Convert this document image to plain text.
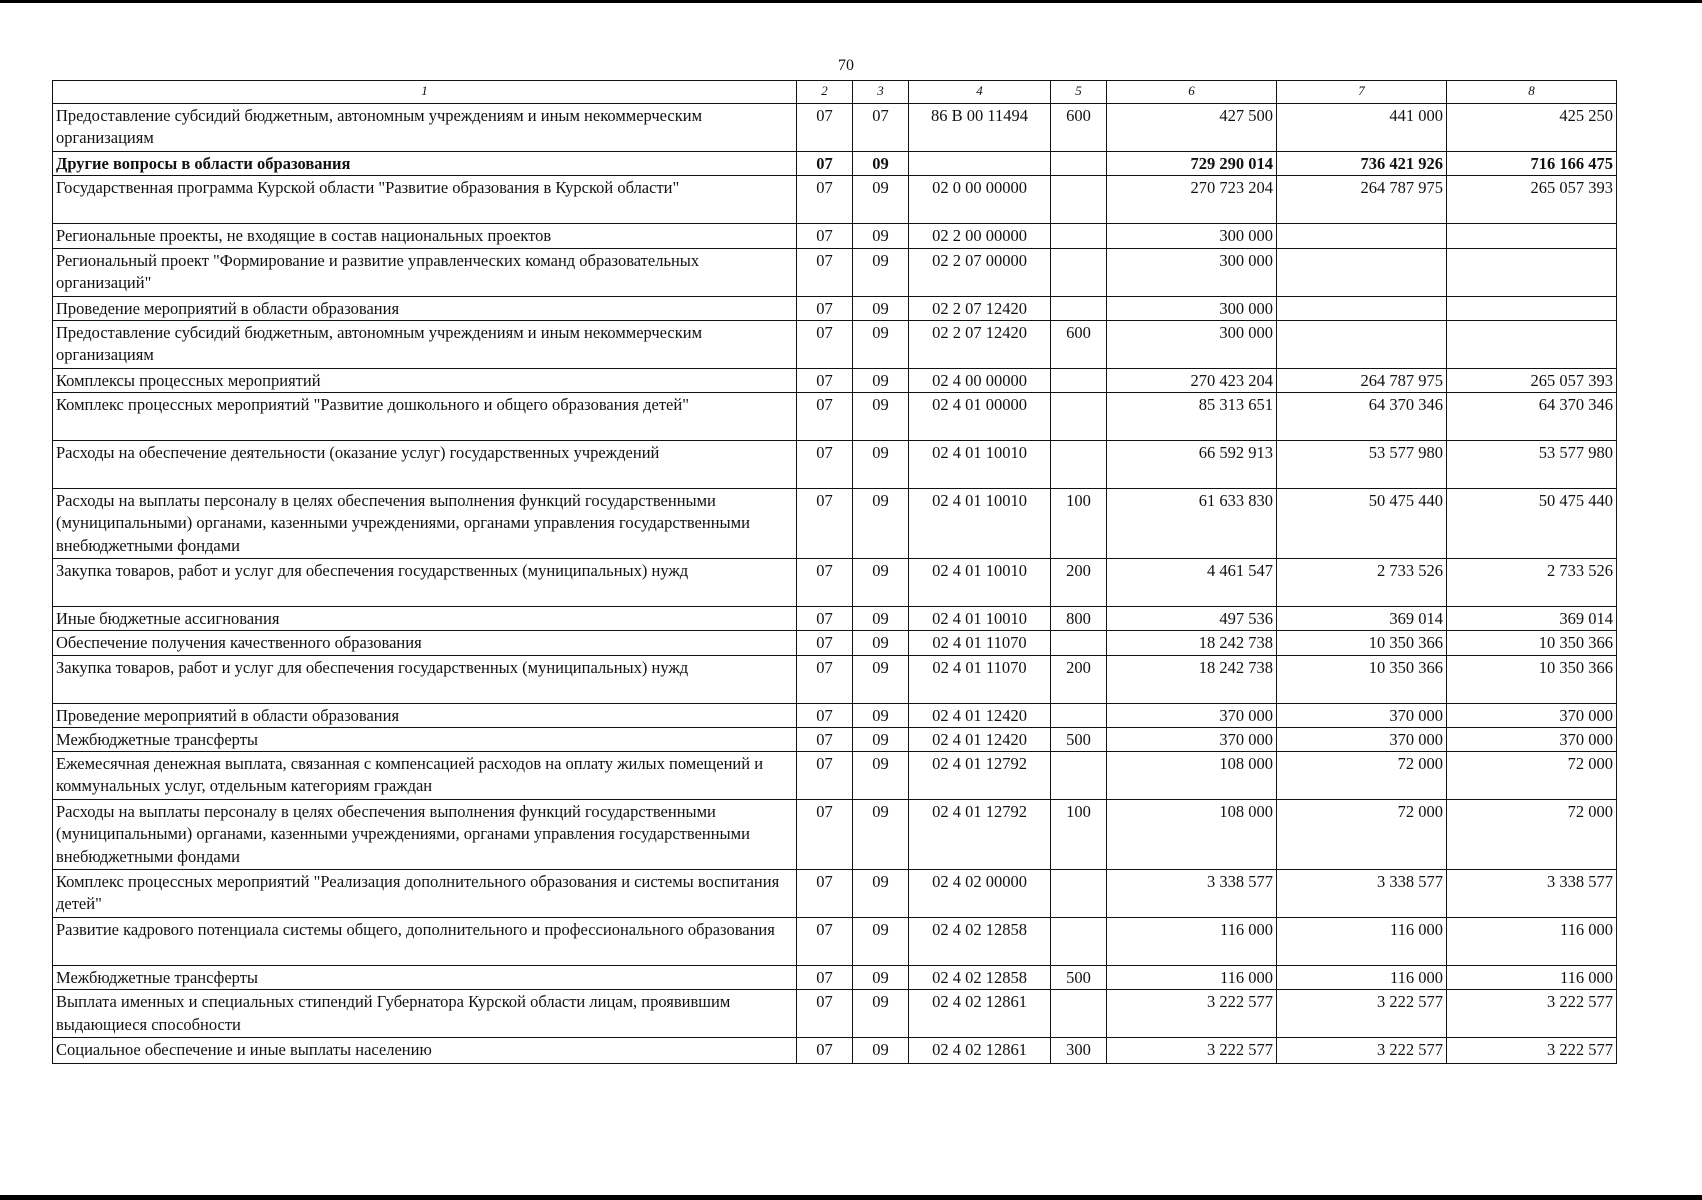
70
1	2	3	4	5	6	7	8
Предоставление субсидий бюджетным, автономным учреждениям и иным некоммерческим организациям	07	07	86 В 00 11494	600	427 500	441 000	425 250
Другие вопросы в области образования	07	09			729 290 014	736 421 926	716 166 475
Государственная программа Курской области "Развитие образования в Курской области"	07	09	02 0 00 00000		270 723 204	264 787 975	265 057 393
Региональные проекты, не входящие в состав национальных проектов	07	09	02 2 00 00000		300 000		
Региональный проект "Формирование и развитие управленческих команд образовательных организаций"	07	09	02 2 07 00000		300 000		
Проведение мероприятий в области образования	07	09	02 2 07 12420		300 000		
Предоставление субсидий бюджетным, автономным учреждениям и иным некоммерческим организациям	07	09	02 2 07 12420	600	300 000		
Комплексы процессных мероприятий	07	09	02 4 00 00000		270 423 204	264 787 975	265 057 393
Комплекс процессных мероприятий "Развитие дошкольного и общего образования детей"	07	09	02 4 01 00000		85 313 651	64 370 346	64 370 346
Расходы на обеспечение деятельности (оказание услуг) государственных учреждений	07	09	02 4 01 10010		66 592 913	53 577 980	53 577 980
Расходы на выплаты персоналу в целях обеспечения выполнения функций государственными (муниципальными) органами, казенными учреждениями, органами управления государственными внебюджетными фондами	07	09	02 4 01 10010	100	61 633 830	50 475 440	50 475 440
Закупка товаров, работ и услуг для обеспечения государственных (муниципальных) нужд	07	09	02 4 01 10010	200	4 461 547	2 733 526	2 733 526
Иные бюджетные ассигнования	07	09	02 4 01 10010	800	497 536	369 014	369 014
Обеспечение получения качественного образования	07	09	02 4 01 11070		18 242 738	10 350 366	10 350 366
Закупка товаров, работ и услуг для обеспечения государственных (муниципальных) нужд	07	09	02 4 01 11070	200	18 242 738	10 350 366	10 350 366
Проведение мероприятий в области образования	07	09	02 4 01 12420		370 000	370 000	370 000
Межбюджетные трансферты	07	09	02 4 01 12420	500	370 000	370 000	370 000
Ежемесячная денежная выплата, связанная с компенсацией расходов на оплату жилых помещений и коммунальных услуг, отдельным категориям граждан	07	09	02 4 01 12792		108 000	72 000	72 000
Расходы на выплаты персоналу в целях обеспечения выполнения функций государственными (муниципальными) органами, казенными учреждениями, органами управления государственными внебюджетными фондами	07	09	02 4 01 12792	100	108 000	72 000	72 000
Комплекс процессных мероприятий "Реализация дополнительного образования и системы воспитания детей"	07	09	02 4 02 00000		3 338 577	3 338 577	3 338 577
Развитие кадрового потенциала системы общего, дополнительного и профессионального образования	07	09	02 4 02 12858		116 000	116 000	116 000
Межбюджетные трансферты	07	09	02 4 02 12858	500	116 000	116 000	116 000
Выплата именных и специальных стипендий Губернатора Курской области лицам, проявившим выдающиеся способности	07	09	02 4 02 12861		3 222 577	3 222 577	3 222 577
Социальное обеспечение и иные выплаты населению	07	09	02 4 02 12861	300	3 222 577	3 222 577	3 222 577
